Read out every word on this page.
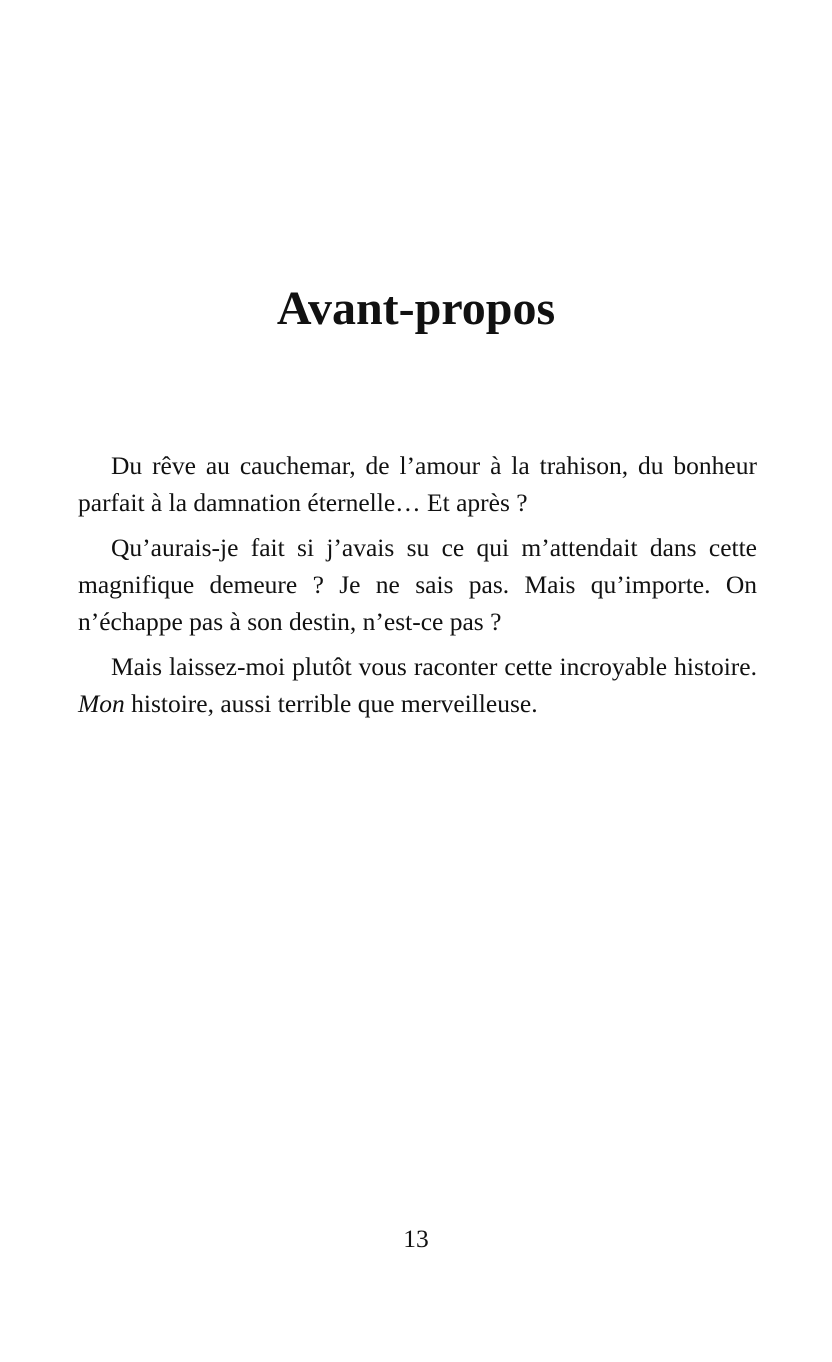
Avant-propos

Du rêve au cauchemar, de l’amour à la trahison, du bonheur parfait à la damnation éternelle… Et après ?

Qu’aurais-je fait si j’avais su ce qui m’attendait dans cette magnifique demeure ? Je ne sais pas. Mais qu’importe. On n’échappe pas à son destin, n’est-ce pas ?

Mais laissez-moi plutôt vous raconter cette incroyable histoire. Mon histoire, aussi terrible que merveilleuse.

13
